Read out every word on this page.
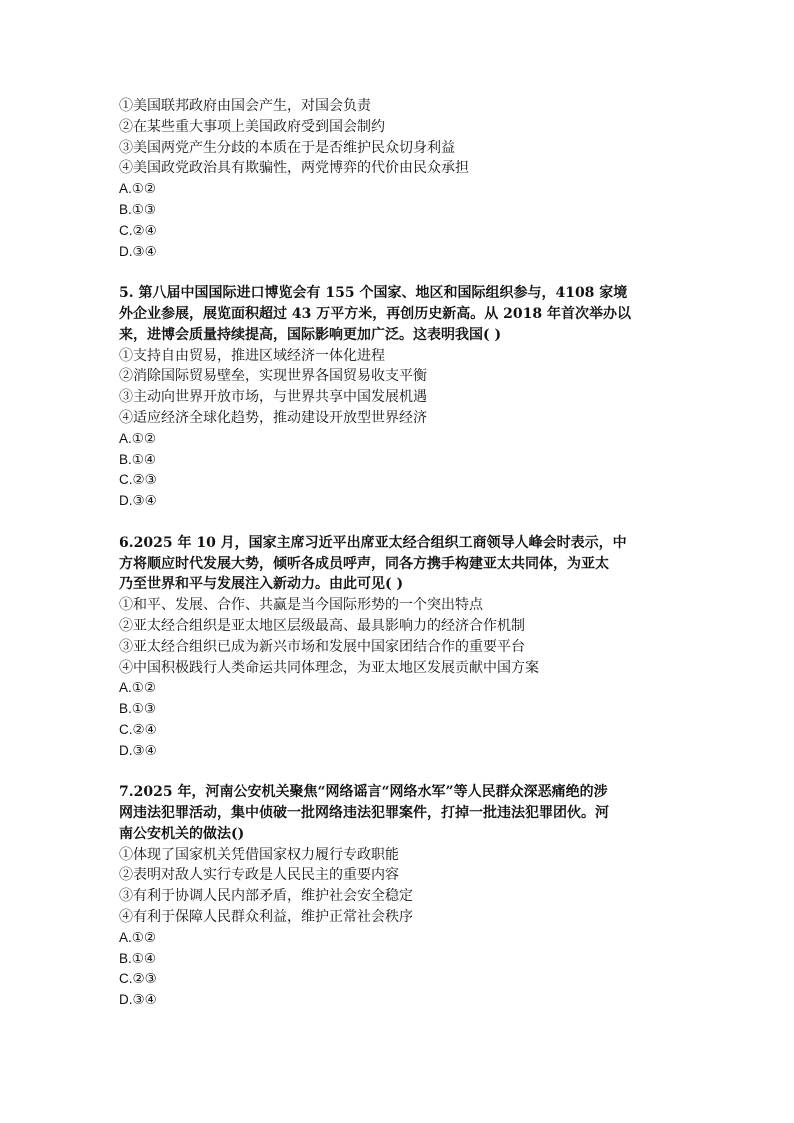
①美国联邦政府由国会产生，对国会负责
②在某些重大事项上美国政府受到国会制约
③美国两党产生分歧的本质在于是否维护民众切身利益
④美国政党政治具有欺骗性，两党博弈的代价由民众承担
A.①②
B.①③
C.②④
D.③④
5. 第八届中国国际进口博览会有 155 个国家、地区和国际组织参与，4108 家境
外企业参展，展览面积超过 43 万平方米，再创历史新高。从 2018 年首次举办以
来，进博会质量持续提高，国际影响更加广泛。这表明我国( )
①支持自由贸易，推进区域经济一体化进程
②消除国际贸易壁垒，实现世界各国贸易收支平衡
③主动向世界开放市场，与世界共享中国发展机遇
④适应经济全球化趋势，推动建设开放型世界经济
A.①②
B.①④
C.②③
D.③④
6.2025 年 10 月，国家主席习近平出席亚太经合组织工商领导人峰会时表示，中
方将顺应时代发展大势，倾听各成员呼声，同各方携手构建亚太共同体，为亚太
乃至世界和平与发展注入新动力。由此可见( )
①和平、发展、合作、共赢是当今国际形势的一个突出特点
②亚太经合组织是亚太地区层级最高、最具影响力的经济合作机制
③亚太经合组织已成为新兴市场和发展中国家团结合作的重要平台
④中国积极践行人类命运共同体理念，为亚太地区发展贡献中国方案
A.①②
B.①③
C.②④
D.③④
7.2025 年，河南公安机关聚焦“网络谣言“网络水军”等人民群众深恶痛绝的涉
网违法犯罪活动，集中侦破一批网络违法犯罪案件，打掉一批违法犯罪团伙。河
南公安机关的做法()
①体现了国家机关凭借国家权力履行专政职能
②表明对敌人实行专政是人民民主的重要内容
③有利于协调人民内部矛盾，维护社会安全稳定
④有利于保障人民群众利益，维护正常社会秩序
A.①②
B.①④
C.②③
D.③④
